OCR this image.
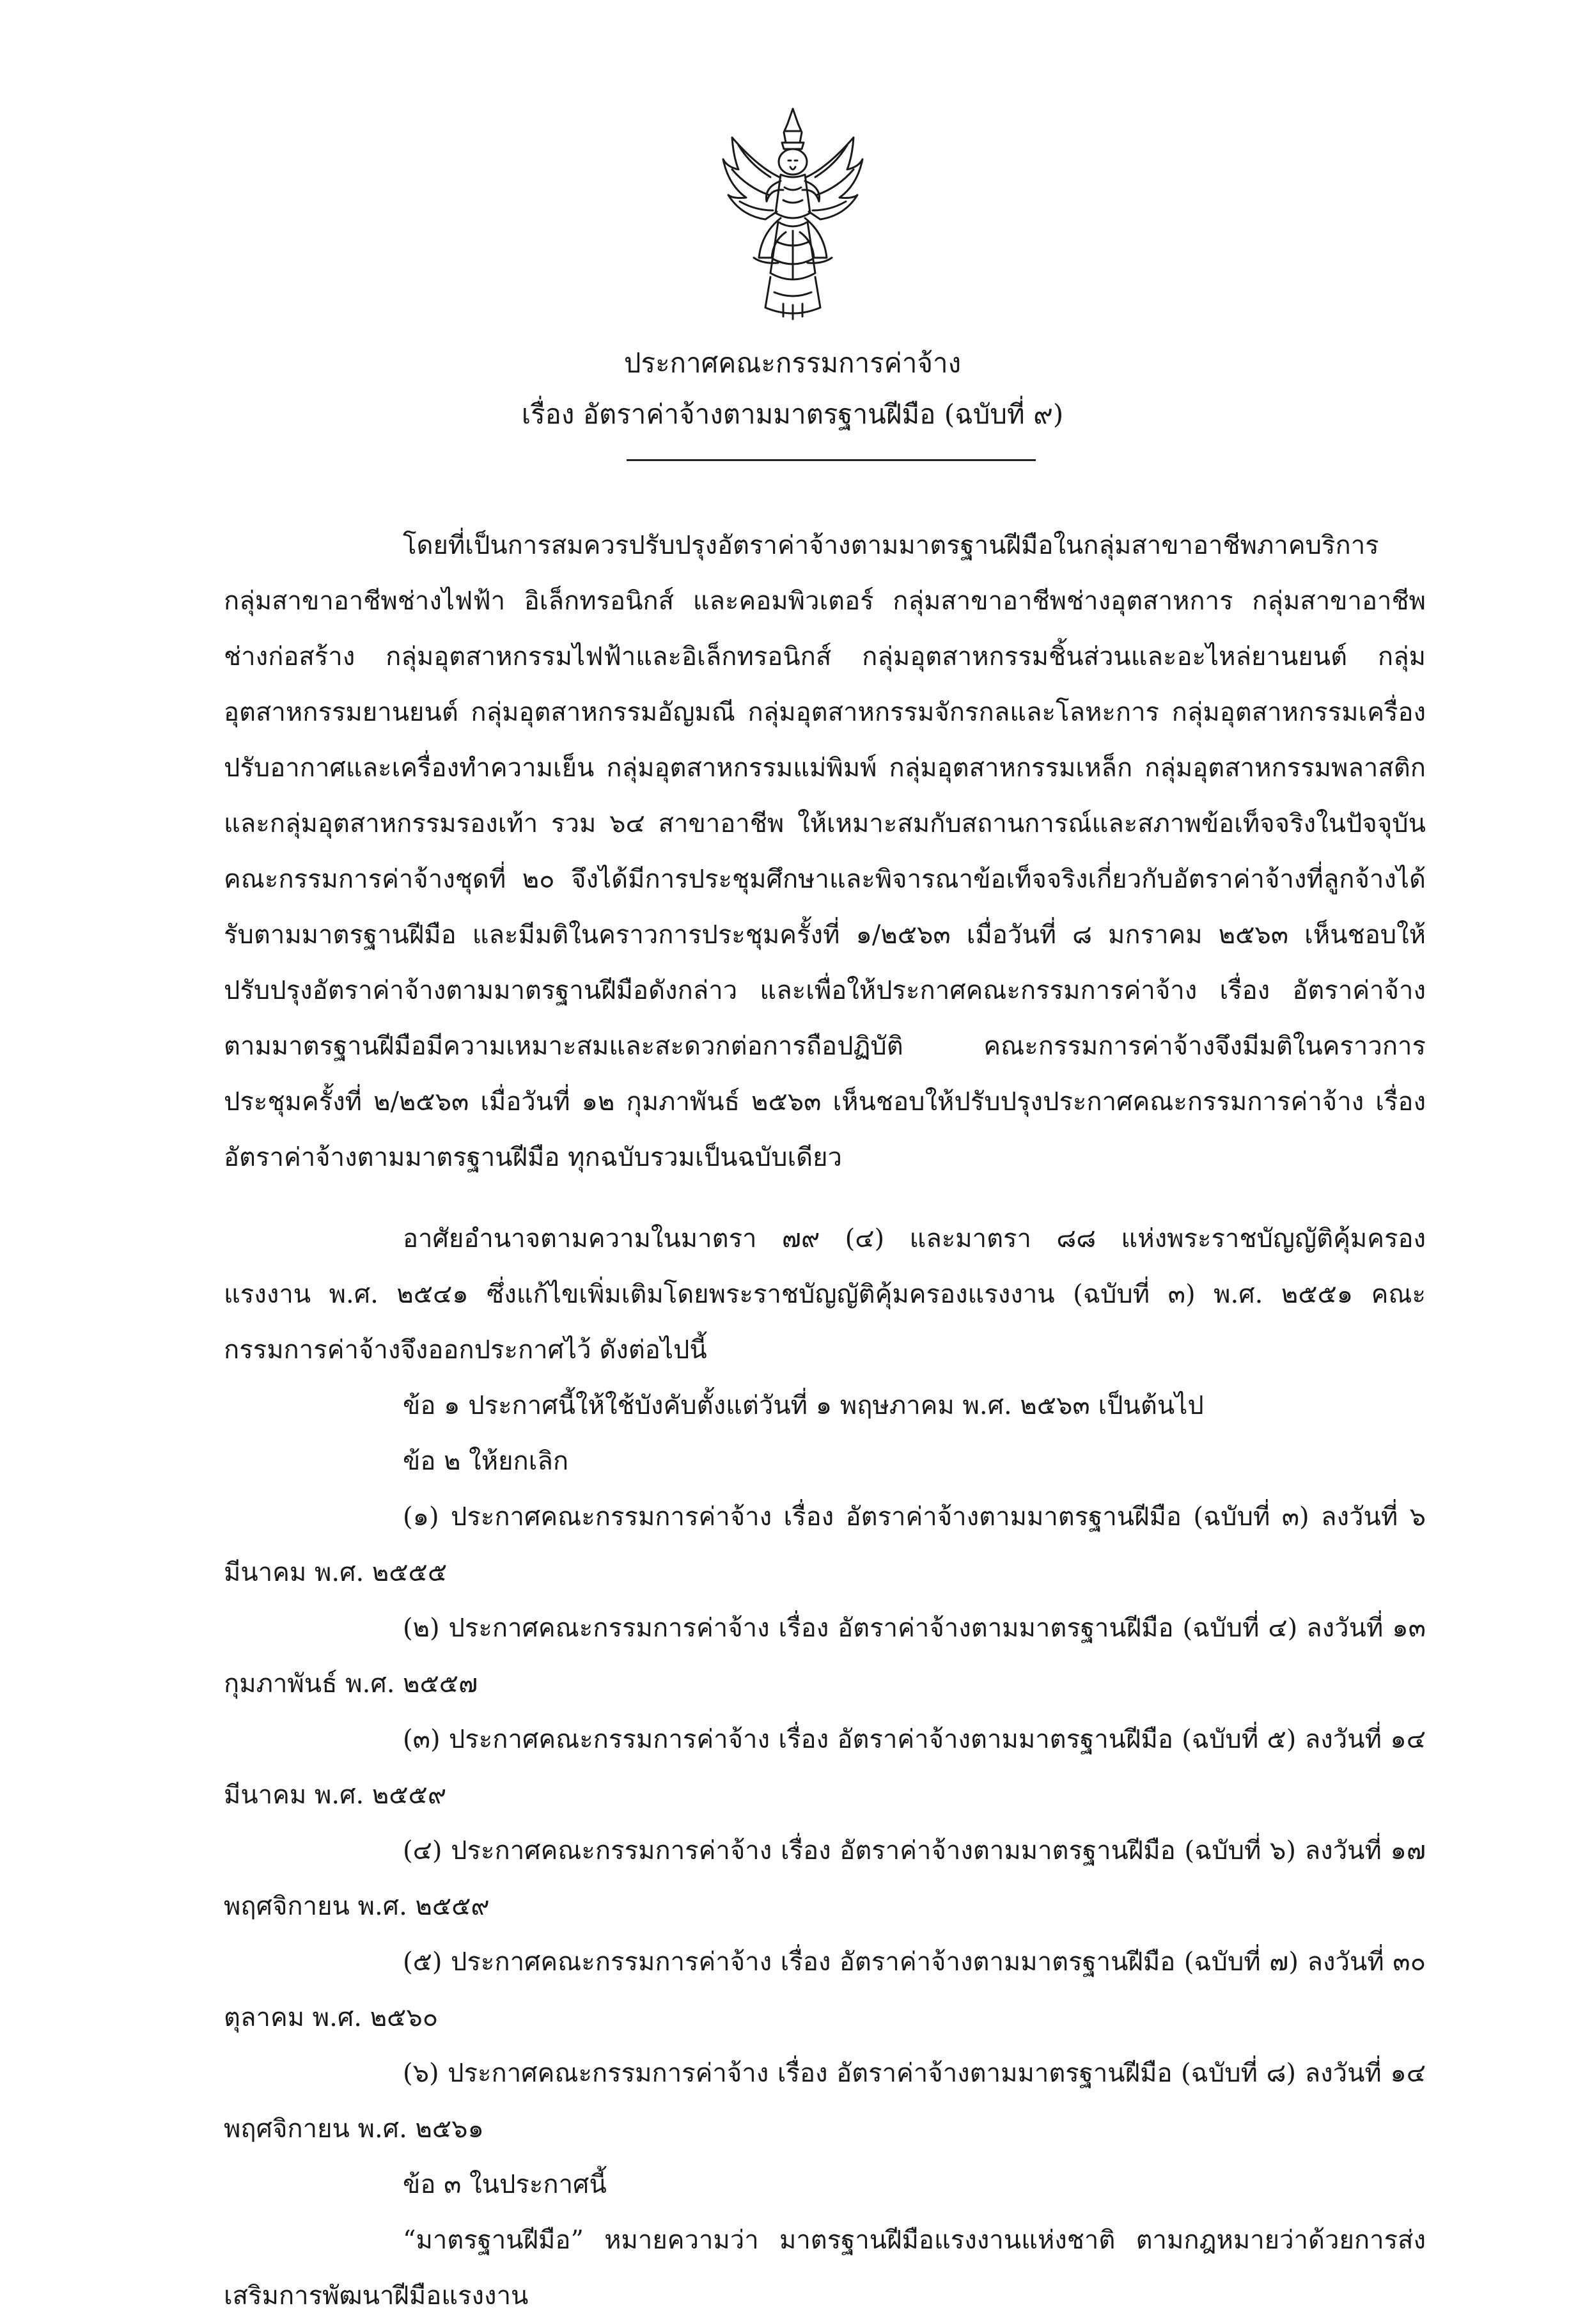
ประกาศคณะกรรมการค่าจ้าง
เรื่อง อัตราค่าจ้างตามมาตรฐานฝีมือ (ฉบับที่ ๙)

โดยที่เป็นการสมควรปรับปรุงอัตราค่าจ้างตามมาตรฐานฝีมือในกลุ่มสาขาอาชีพภาคบริการ กลุ่มสาขาอาชีพช่างไฟฟ้า อิเล็กทรอนิกส์ และคอมพิวเตอร์ กลุ่มสาขาอาชีพช่างอุตสาหการ กลุ่มสาขาอาชีพช่างก่อสร้าง กลุ่มอุตสาหกรรมไฟฟ้าและอิเล็กทรอนิกส์ กลุ่มอุตสาหกรรมชิ้นส่วนและอะไหล่ยานยนต์ กลุ่มอุตสาหกรรมยานยนต์ กลุ่มอุตสาหกรรมอัญมณี กลุ่มอุตสาหกรรมจักรกลและโลหะการ กลุ่มอุตสาหกรรมเครื่องปรับอากาศและเครื่องทำความเย็น กลุ่มอุตสาหกรรมแม่พิมพ์ กลุ่มอุตสาหกรรมเหล็ก กลุ่มอุตสาหกรรมพลาสติก และกลุ่มอุตสาหกรรมรองเท้า รวม ๖๔ สาขาอาชีพ ให้เหมาะสมกับสถานการณ์และสภาพข้อเท็จจริงในปัจจุบัน คณะกรรมการค่าจ้างชุดที่ ๒๐ จึงได้มีการประชุมศึกษาและพิจารณาข้อเท็จจริงเกี่ยวกับอัตราค่าจ้างที่ลูกจ้างได้รับตามมาตรฐานฝีมือ และมีมติในคราวการประชุมครั้งที่ ๑/๒๕๖๓ เมื่อวันที่ ๘ มกราคม ๒๕๖๓ เห็นชอบให้ปรับปรุงอัตราค่าจ้างตามมาตรฐานฝีมือดังกล่าว และเพื่อให้ประกาศคณะกรรมการค่าจ้าง เรื่อง อัตราค่าจ้างตามมาตรฐานฝีมือมีความเหมาะสมและสะดวกต่อการถือปฏิบัติ คณะกรรมการค่าจ้างจึงมีมติในคราวการประชุมครั้งที่ ๒/๒๕๖๓ เมื่อวันที่ ๑๒ กุมภาพันธ์ ๒๕๖๓ เห็นชอบให้ปรับปรุงประกาศคณะกรรมการค่าจ้าง เรื่อง อัตราค่าจ้างตามมาตรฐานฝีมือ ทุกฉบับรวมเป็นฉบับเดียว

อาศัยอำนาจตามความในมาตรา ๗๙ (๔) และมาตรา ๘๘ แห่งพระราชบัญญัติคุ้มครองแรงงาน พ.ศ. ๒๕๔๑ ซึ่งแก้ไขเพิ่มเติมโดยพระราชบัญญัติคุ้มครองแรงงาน (ฉบับที่ ๓) พ.ศ. ๒๕๕๑ คณะกรรมการค่าจ้างจึงออกประกาศไว้ ดังต่อไปนี้

ข้อ ๑ ประกาศนี้ให้ใช้บังคับตั้งแต่วันที่ ๑ พฤษภาคม พ.ศ. ๒๕๖๓ เป็นต้นไป

ข้อ ๒ ให้ยกเลิก

(๑) ประกาศคณะกรรมการค่าจ้าง เรื่อง อัตราค่าจ้างตามมาตรฐานฝีมือ (ฉบับที่ ๓) ลงวันที่ ๖ มีนาคม พ.ศ. ๒๕๕๕

(๒) ประกาศคณะกรรมการค่าจ้าง เรื่อง อัตราค่าจ้างตามมาตรฐานฝีมือ (ฉบับที่ ๔) ลงวันที่ ๑๓ กุมภาพันธ์ พ.ศ. ๒๕๕๗

(๓) ประกาศคณะกรรมการค่าจ้าง เรื่อง อัตราค่าจ้างตามมาตรฐานฝีมือ (ฉบับที่ ๕) ลงวันที่ ๑๔ มีนาคม พ.ศ. ๒๕๕๙

(๔) ประกาศคณะกรรมการค่าจ้าง เรื่อง อัตราค่าจ้างตามมาตรฐานฝีมือ (ฉบับที่ ๖) ลงวันที่ ๑๗ พฤศจิกายน พ.ศ. ๒๕๕๙

(๕) ประกาศคณะกรรมการค่าจ้าง เรื่อง อัตราค่าจ้างตามมาตรฐานฝีมือ (ฉบับที่ ๗) ลงวันที่ ๓๐ ตุลาคม พ.ศ. ๒๕๖๐

(๖) ประกาศคณะกรรมการค่าจ้าง เรื่อง อัตราค่าจ้างตามมาตรฐานฝีมือ (ฉบับที่ ๘) ลงวันที่ ๑๔ พฤศจิกายน พ.ศ. ๒๕๖๑

ข้อ ๓ ในประกาศนี้

“มาตรฐานฝีมือ” หมายความว่า มาตรฐานฝีมือแรงงานแห่งชาติ ตามกฎหมายว่าด้วยการส่งเสริมการพัฒนาฝีมือแรงงาน
